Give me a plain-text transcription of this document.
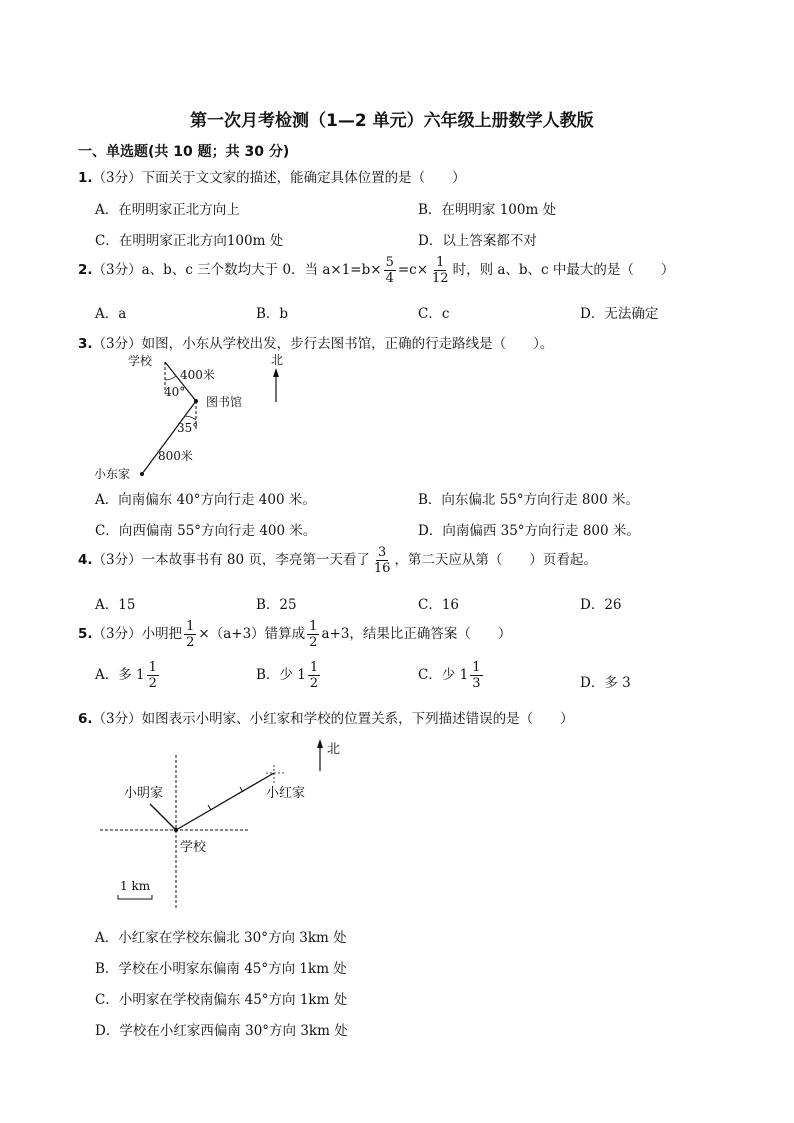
第一次月考检测（1—2 单元）六年级上册数学人教版
一、单选题(共 10 题；共 30 分)
1.（3分）下面关于文文家的描述，能确定具体位置的是（　　）
A．在明明家正北方向上	B．在明明家 100m 处
C．在明明家正北方向100m 处	D．以上答案都不对
2.（3分）a、b、c 三个数均大于 0．当 $a\times 1=b\times \frac{5}{4} =c\times \frac{1}{12}$ 时，则 a、b、c 中最大的是（　　）
A．a	B．b	C．c	D．无法确定
3.（3分）如图，小东从学校出发，步行去图书馆，正确的行走路线是（　　）。
北
学校
400米
40°
图书馆
35°
800米
小东家
A．向南偏东 40°方向行走 400 米。	B．向东偏北 55°方向行走 800 米。
C．向西偏南 55°方向行走 400 米。	D．向南偏西 35°方向行走 800 米。
4.（3分）一本故事书有 80 页，李亮第一天看了 $\frac{3}{16}$ ，第二天应从第（　　）页看起。
A．15	B．25	C．16	D．26
5.（3分）小明把 $\frac{1}{2} \times(a+3)$错算成 $\frac{1}{2} a+3$，结果比正确答案（　　）
A．多 $1 \frac{1}{2}$	B．少 $1 \frac{1}{2}$	C．少 $1 \frac{1}{3}$	D．多 3
6.（3分）如图表示小明家、小红家和学校的位置关系，下列描述错误的是（　　）
北
小明家	小红家
学校
1 km
A．小红家在学校东偏北 30°方向 3km 处
B．学校在小明家东偏南 45°方向 1km 处
C．小明家在学校南偏东 45°方向 1km 处
D．学校在小红家西偏南 30°方向 3km 处
